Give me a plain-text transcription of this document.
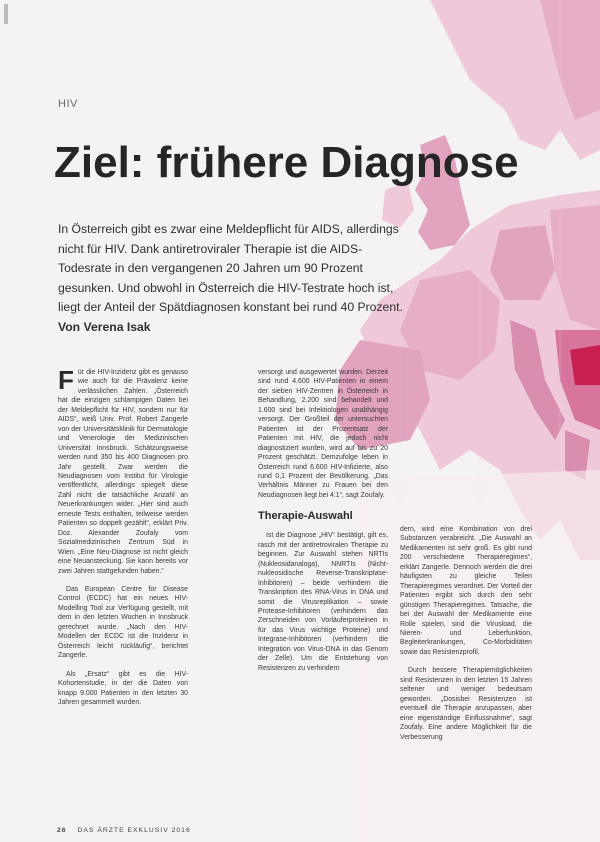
HIV
Ziel: frühere Diagnose

In Österreich gibt es zwar eine Meldepflicht für AIDS, allerdings nicht für HIV. Dank antiretroviraler Therapie ist die AIDS-Todesrate in den vergangenen 20 Jahren um 90 Prozent gesunken. Und obwohl in Österreich die HIV-Testrate hoch ist, liegt der Anteil der Spätdiagnosen konstant bei rund 40 Prozent. Von Verena Isak

Für die HIV-Inzidenz gibt es genauso wie auch für die Prävalenz keine verlässlichen Zahlen. „Österreich hat die einzigen schlampigen Daten bei der Meldepflicht für HIV, sondern nur für AIDS“, weiß Univ. Prof. Robert Zangerle von der Universitätsklinik für Dermatologie und Venerologie der Medizinischen Universität Innsbruck. Schätzungsweise werden rund 350 bis 400 Diagnosen pro Jahr gestellt. Zwar werden die Neudiagnosen vom Institut für Virologie veröffentlicht, allerdings spiegelt diese Zahl nicht die tatsächliche Anzahl an Neuerkrankungen wider. „Hier sind auch erneute Tests enthalten, teilweise werden Patienten so doppelt gezählt“, erklärt Priv. Doz. Alexander Zoufaly vom Sozialmedizinischen Zentrum Süd in Wien. „Eine Neu-Diagnose ist nicht gleich eine Neuansteckung. Sie kann bereits vor zwei Jahren stattgefunden haben.“

Das European Centre for Disease Control (ECDC) hat ein neues HIV-Modelling Tool zur Verfügung gestellt, mit dem in den letzten Wochen in Innsbruck gerechnet wurde. „Nach den HIV-Modellen der ECDC ist die Inzidenz in Österreich leicht rückläufig“, berichtet Zangerle.

Als „Ersatz“ gibt es die HIV-Kohortenstudie, in der die Daten von knapp 9.000 Patienten in den letzten 30 Jahren gesammelt wurden.

versorgt und ausgewertet wurden. Derzeit sind rund 4.600 HIV-Patienten in einem der sieben HIV-Zentren in Österreich in Behandlung, 2.200 sind behandelt und 1.600 sind bei Infektiologen unabhängig versorgt. Der Großteil der untersuchten Patienten ist der Prozentsatz der Patienten mit HIV, die jedoch nicht diagnostiziert wurden, wird auf bis zu 20 Prozent geschätzt. Demzufolge leben in Österreich rund 6.600 HIV-Infizierte, also rund 0,1 Prozent der Bevölkerung. „Das Verhältnis Männer zu Frauen bei den Neudiagnosen liegt bei 4:1“, sagt Zoufaly.

Therapie-Auswahl

Ist die Diagnose „HIV“ bestätigt, gilt es, rasch mit der antiretroviralen Therapie zu beginnen. Zur Auswahl stehen NRTIs (Nukleosidanaloga), NNRTIs (Nicht-nukleosidische Reverse-Transkriptase-Inhibitoren) – beide verhindern die Transkription des RNA-Virus in DNA und somit die Virusreplikation – sowie Protease-Inhibitoren (verhindern das Zerschneiden von Vorläuferproteinen in für das Virus wichtige Proteine) und Integrase-Inhibitoren (verhindern die Integration von Virus-DNA in das Genom der Zelle). Um die Entstehung von Resistenzen zu verhindern

dern, wird eine Kombination von drei Substanzen verabreicht. „Die Auswahl an Medikamenten ist sehr groß. Es gibt rund 200 verschiedene Therapieregimes“, erklärt Zangerle. Dennoch werden die drei häufigsten zu gleiche Teilen Therapieregimes verordnet. Der Vorteil der Patienten ergibt sich durch den sehr günstigen Therapieregimes. Tatsache, die bei der Auswahl der Medikamente eine Rolle spielen, sind die Virusload, die Nieren- und Leberfunktion, Begleiterkrankungen, Co-Morbiditäten sowie das Resistenzprofil.

Durch bessere Therapiemöglichkeiten sind Resistenzen in den letzten 15 Jahren seltener und weniger bedeutsam geworden. „Dosisbei Resistenzen ist eventuell die Therapie anzupassen, aber eine eigenständige Einflussnahme“, sagt Zoufaly. Eine andere Möglichkeit für die Verbesserung

26 DAS ÄRZTE EXKLUSIV 2016
